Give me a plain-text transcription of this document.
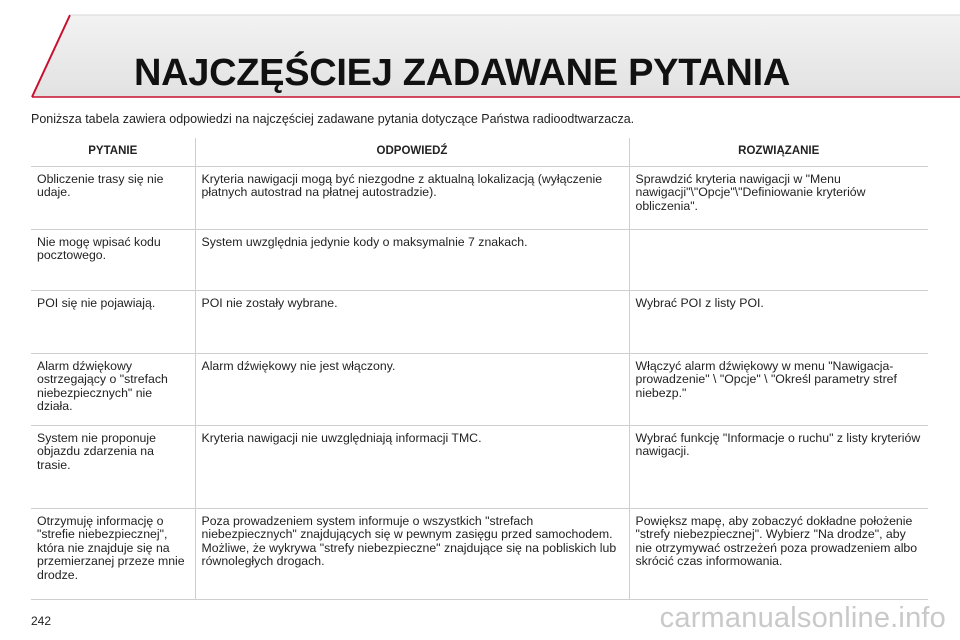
NAJCZĘŚCIEJ ZADAWANE PYTANIA
Poniższa tabela zawiera odpowiedzi na najczęściej zadawane pytania dotyczące Państwa radioodtwarzacza.
PYTANIE	ODPOWIEDŹ	ROZWIĄZANIE
Obliczenie trasy się nie udaje.	Kryteria nawigacji mogą być niezgodne z aktualną lokalizacją (wyłączenie płatnych autostrad na płatnej autostradzie).	Sprawdzić kryteria nawigacji w "Menu nawigacji"\"Opcje"\"Definiowanie kryteriów obliczenia".
Nie mogę wpisać kodu pocztowego.	System uwzględnia jedynie kody o maksymalnie 7 znakach.	
POI się nie pojawiają.	POI nie zostały wybrane.	Wybrać POI z listy POI.
Alarm dźwiękowy ostrzegający o "strefach niebezpiecznych" nie działa.	Alarm dźwiękowy nie jest włączony.	Włączyć alarm dźwiękowy w menu "Nawigacja-prowadzenie" \ "Opcje" \ "Określ parametry stref niebezp."
System nie proponuje objazdu zdarzenia na trasie.	Kryteria nawigacji nie uwzględniają informacji TMC.	Wybrać funkcję "Informacje o ruchu" z listy kryteriów nawigacji.
Otrzymuję informację o "strefie niebezpiecznej", która nie znajduje się na przemierzanej przeze mnie drodze.	Poza prowadzeniem system informuje o wszystkich "strefach niebezpiecznych" znajdujących się w pewnym zasięgu przed samochodem. Możliwe, że wykrywa "strefy niebezpieczne" znajdujące się na pobliskich lub równoległych drogach.	Powiększ mapę, aby zobaczyć dokładne położenie "strefy niebezpiecznej". Wybierz "Na drodze", aby nie otrzymywać ostrzeżeń poza prowadzeniem albo skrócić czas informowania.
242	carmanualsonline.info
